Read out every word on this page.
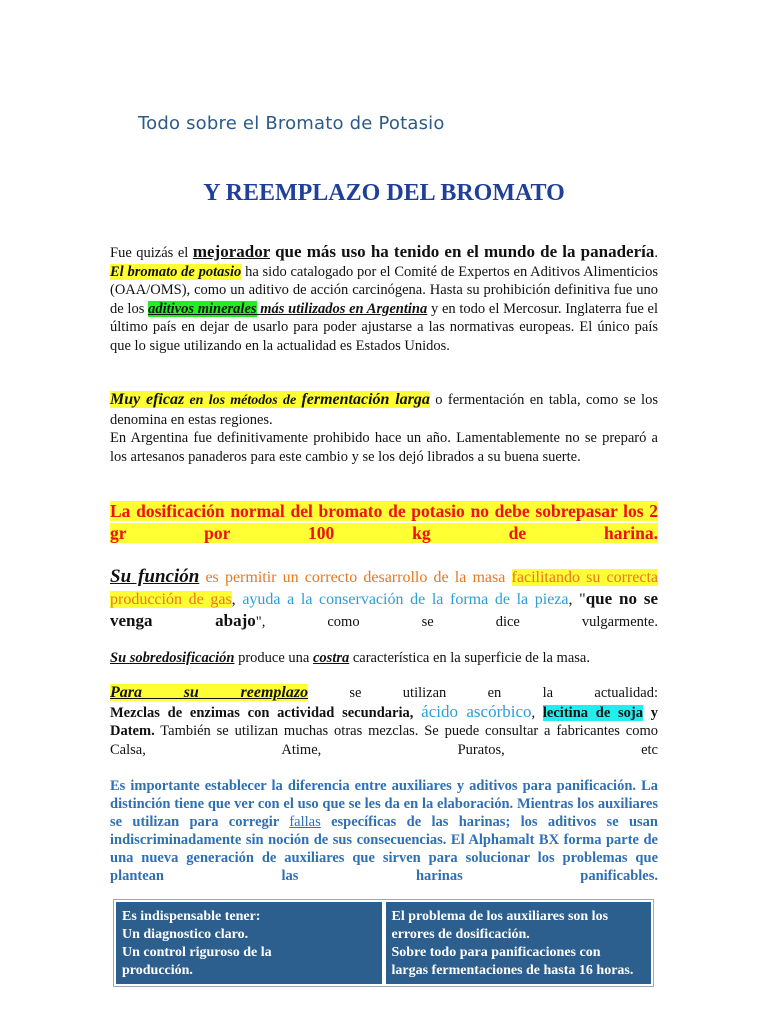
Todo sobre el Bromato de Potasio
Y REEMPLAZO DEL BROMATO
Fue quizás el mejorador que más uso ha tenido en el mundo de la panadería. El bromato de potasio ha sido catalogado por el Comité de Expertos en Aditivos Alimenticios (OAA/OMS), como un aditivo de acción carcinógena. Hasta su prohibición definitiva fue uno de los aditivos minerales más utilizados en Argentina y en todo el Mercosur. Inglaterra fue el último país en dejar de usarlo para poder ajustarse a las normativas europeas. El único país que lo sigue utilizando en la actualidad es Estados Unidos.
Muy eficaz en los métodos de fermentación larga o fermentación en tabla, como se los denomina en estas regiones.
En Argentina fue definitivamente prohibido hace un año. Lamentablemente no se preparó a los artesanos panaderos para este cambio y se los dejó librados a su buena suerte.
La dosificación normal del bromato de potasio no debe sobrepasar los 2 gr por 100 kg de harina.
Su función es permitir un correcto desarrollo de la masa facilitando su correcta producción de gas, ayuda a la conservación de la forma de la pieza, "que no se venga abajo", como se dice vulgarmente.
Su sobredosificación produce una costra característica en la superficie de la masa.
Para su reemplazo se utilizan en la actualidad:
Mezclas de enzimas con actividad secundaria, ácido ascórbico, lecitina de soja y Datem. También se utilizan muchas otras mezclas. Se puede consultar a fabricantes como Calsa, Atime, Puratos, etc
Es importante establecer la diferencia entre auxiliares y aditivos para panificación. La distinción tiene que ver con el uso que se les da en la elaboración. Mientras los auxiliares se utilizan para corregir fallas específicas de las harinas; los aditivos se usan indiscriminadamente sin noción de sus consecuencias. El Alphamalt BX forma parte de una nueva generación de auxiliares que sirven para solucionar los problemas que plantean las harinas panificables.
Es indispensable tener:
Un diagnostico claro.
Un control riguroso de la
producción.
El problema de los auxiliares son los
errores de dosificación.
Sobre todo para panificaciones con
largas fermentaciones de hasta 16 horas.
